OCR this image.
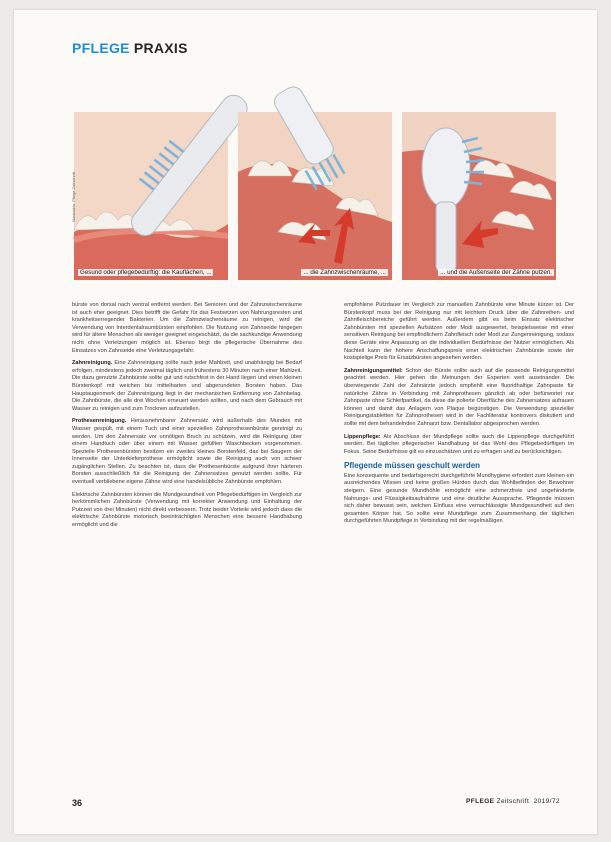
PFLEGE PRAXIS
Illustration: Pflege Zeitschrift
Gesund oder pflegebedürftig: die Kauflächen, ...	... die Zahnzwischenräume, ...	... und die Außenseite der Zähne putzen.

bürste von dorsal nach ventral entfernt werden. Bei Senioren und der Zahnzwischenräume ist auch eher geeignet. Dies betrifft die Gefahr für das Festsetzen von Nahrungsresten und krankheitserregender Bakterien. Um die Zahnzwischenräume zu reinigen, wird die Verwendung von Interdentalraumbürsten empfohlen. Die Nutzung von Zahnseide hingegen wird für ältere Menschen als weniger geeignet eingeschätzt, da die sachkundige Anwendung nicht ohne Verletzungen möglich ist. Ebenso birgt die pflegerische Übernahme des Einsatzes von Zahnseide eine Verletzungsgefahr.

Zahnreinigung. Eine Zahnreinigung sollte nach jeder Mahlzeit, und unabhängig bei Bedarf erfolgen, mindestens jedoch zweimal täglich und frühestens 30 Minuten nach einer Mahlzeit. Die dazu genutzte Zahnbürste sollte gut und rutschfest in der Hand liegen und einen kleinen Bürstenkopf mit weichen bis mittelharten und abgerundeten Borsten haben. Das Hauptaugenmerk der Zahnreinigung liegt in der mechanischen Entfernung von Zahnbelag. Die Zahnbürste, die alle drei Wochen erneuert werden sollten, und nach dem Gebrauch mit Wasser zu reinigen und zum Trocknen aufzustellen.

Prothesenreinigung. Herausnehmbarer Zahnersatz wird außerhalb des Mundes mit Wasser gespült, mit einem Tuch und einer speziellen Zahnprothesenbürste gereinigt zu werden. Um den Zahnersatz vor unnötigen Bruch zu schützen, wird die Reinigung über einem Handtuch oder über einem mit Wasser gefüllten Waschbecken vorgenommen. Spezielle Prothesenbürsten besitzen ein zweites kleines Borstenfeld, das bei Saugern der Innenseite der Unterkieferprothese ermöglicht sowie die Reinigung auch von schwer zugänglichen Stellen. Zu beachten ist, dass die Prothesenbürste aufgrund ihrer härteren Borsten ausschließlich für die Reinigung der Zahnersatzes genutzt werden sollte. Für eventuell verbliebene eigene Zähne wird eine handelsübliche Zahnbürste empfohlen.

Elektrische Zahnbürsten können die Mundgesundheit von Pflegebedürftigen im Vergleich zur herkömmlichen Zahnbürste (Verwendung mit korrekter Anwendung und Einhaltung der Putzzeit von drei Minuten) nicht direkt verbessern. Trotz beider Vorteile wird jedoch dass die elektrische Zahnbürste motorisch beeinträchtigten Menschen eine bessere Handhabung ermöglicht und die

empfohlene Putzdauer im Vergleich zur manuellen Zahnbürste eine Minute kürzer ist. Der Bürstenkopf muss bei der Reinigung nur mit leichtem Druck über die Zahnreihen- und Zahnfleischbereiche geführt werden. Außerdem gibt es beim Einsatz elektrischer Zahnbürsten mit speziellen Aufsätzen oder Modi ausgewertet, beispielsweise mit einer sensitiven Reinigung bei empfindlichem Zahnfleisch oder Modi zur Zungenreinigung, sodass diese Geräte eine Anpassung an die individuellen Bedürfnisse der Nutzer ermöglichen. Als Nachteil kann der höhere Anschaffungspreis einer elektrischen Zahnbürste sowie der kostspielige Preis für Ersatzbürsten angesehen werden.

Zahnreinigungsmittel: Schon der Bürste sollte auch auf die passende Reinigungsmittel geachtet werden. Hier gehen die Meinungen der Experten weit auseinander. Die überwiegende Zahl der Zahnärzte jedoch empfiehlt eine fluoridhaltige Zahnpaste für natürliche Zähne in Verbindung mit Zahnprothesen gänzlich ab oder befürwortet nur Zahnpaste ohne Schleifpartikel, da diese die polierte Oberfläche des Zahnersatzes aufrauen können und damit das Anlagern von Plaque begünstigen. Die Verwendung spezieller Reinigungstabletten für Zahnprothesen wird in der Fachliteratur kontrovers diskutiert und sollte mit dem behandelnden Zahnarzt bzw. Dentallabor abgesprochen werden.

Lippenpflege: Als Abschluss der Mundpflege sollte auch die Lippenpflege durchgeführt werden. Bei täglicher pflegerischer Handhabung ist das Wohl des Pflegebedürftigen im Fokus. Seine Bedürfnisse gilt es einzuschätzen und zu erfragen und zu berücksichtigen.

Pflegende müssen geschult werden

Eine konsequente und bedarfsgerecht durchgeführte Mundhygiene erfordert zum kleinen ein ausreichendes Wissen und keine großen Hürden durch das Wohlbefinden der Bewohner steigern. Eine gesunde Mundhöhle ermöglicht eine schmerzfreie und ungehinderte Nahrungs- und Flüssigkeitsaufnahme und eine deutliche Aussprache. Pflegende müssen sich daher bewusst sein, welchen Einfluss eine vernachlässigte Mundgesundheit auf den gesamten Körper hat. So sollte eine Mundpflege zum Zusammenhang der täglichen durchgeführten Mundpflege in Verbindung mit der regelmäßigen

36	PFLEGE Zeitschrift 2019/72
